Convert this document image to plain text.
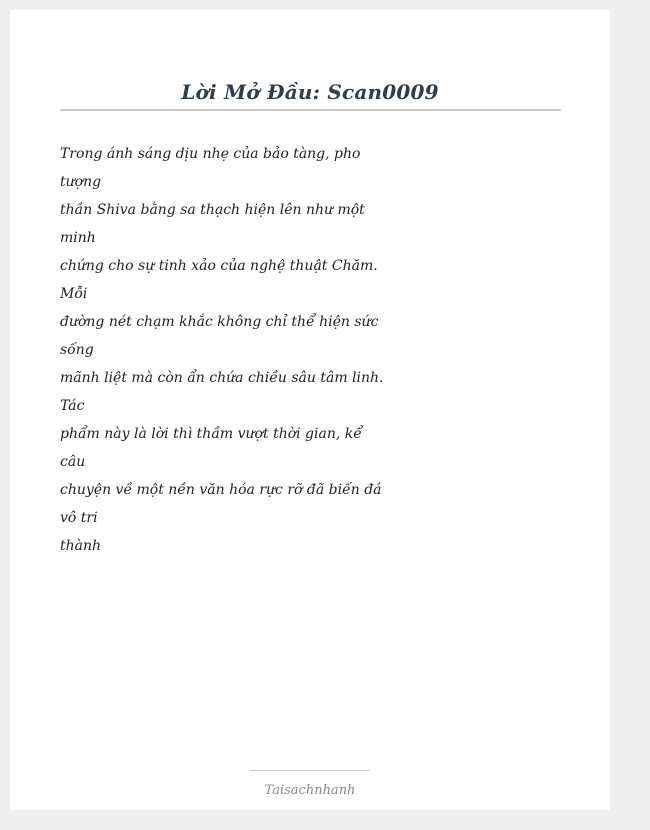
Lời Mở Đầu: Scan0009
Trong ánh sáng dịu nhẹ của bảo tàng, pho
tượng
thần Shiva bằng sa thạch hiện lên như một
minh
chứng cho sự tinh xảo của nghệ thuật Chăm.
Mỗi
đường nét chạm khắc không chỉ thể hiện sức
sống
mãnh liệt mà còn ẩn chứa chiều sâu tâm linh.
Tác
phẩm này là lời thì thầm vượt thời gian, kể
câu
chuyện về một nền văn hóa rực rỡ đã biến đá
vô tri
thành
Taisachnhanh
